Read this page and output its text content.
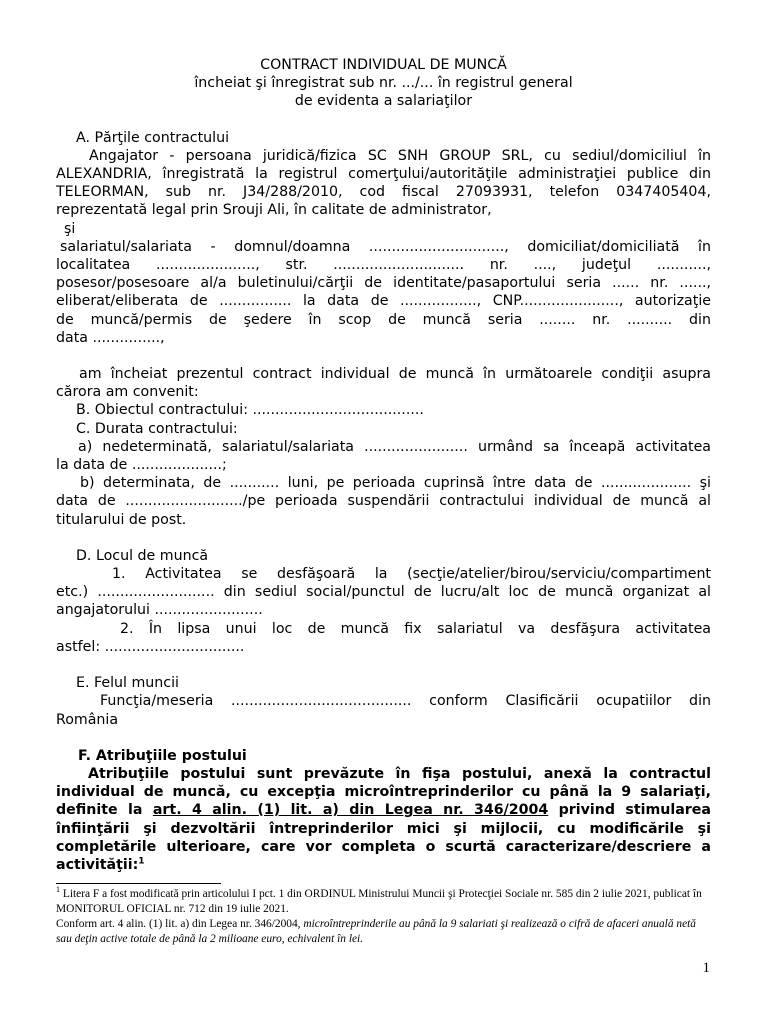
CONTRACT INDIVIDUAL DE MUNCĂ

încheiat şi înregistrat sub nr. .../... în registrul general

de evidenta a salariaţilor

A. Părţile contractului

Angajator - persoana juridică/fizica SC SNH GROUP SRL, cu sediul/domiciliul în

ALEXANDRIA, înregistrată la registrul comerţului/autorităţile administraţiei publice din

TELEORMAN, sub nr. J34/288/2010, cod fiscal 27093931, telefon 0347405404,

reprezentată legal prin Srouji Ali, în calitate de administrator,

şi

salariatul/salariata - domnul/doamna .............................., domiciliat/domiciliată în

localitatea ......................, str. ............................. nr. ...., judeţul ...........,

posesor/posesoare al/a buletinului/cărţii de identitate/pasaportului seria ...... nr. ......,

eliberat/eliberata de ................ la data de ................., CNP......................, autorizaţie

de muncă/permis de şedere în scop de muncă seria ........ nr. .......... din

data ...............,

am încheiat prezentul contract individual de muncă în următoarele condiţii asupra

cărora am convenit:

B. Obiectul contractului: ......................................

C. Durata contractului:

a) nedeterminată, salariatul/salariata ....................... urmând sa înceapă activitatea

la data de ....................;

b) determinata, de ........... luni, pe perioada cuprinsă între data de .................... şi

data de ........................../pe perioada suspendării contractului individual de muncă al

titularului de post.

D. Locul de muncă

1. Activitatea se desfăşoară la (secţie/atelier/birou/serviciu/compartiment

etc.) .......................... din sediul social/punctul de lucru/alt loc de muncă organizat al

angajatorului ........................

2. În lipsa unui loc de muncă fix salariatul va desfăşura activitatea

astfel: ...............................

E. Felul muncii

Funcţia/meseria ........................................ conform Clasificării ocupatiilor din

România

F. Atribuţiile postului

Atribuţiile postului sunt prevăzute în fişa postului, anexă la contractul

individual de muncă, cu excepţia microîntreprinderilor cu până la 9 salariaţi,

definite la art. 4 alin. (1) lit. a) din Legea nr. 346/2004 privind stimularea

înfiinţării şi dezvoltării întreprinderilor mici şi mijlocii, cu modificările şi

completările ulterioare, care vor completa o scurtă caracterizare/descriere a

activităţii:$^1$

$^1$ Litera F a fost modificată prin articolului I pct. 1 din ORDINUL Ministrului Muncii şi Protecţiei Sociale nr. 585 din 2 iulie 2021, publicat în MONITORUL OFICIAL nr. 712 din 19 iulie 2021.

Conform art. 4 alin. (1) lit. a) din Legea nr. 346/2004, microîntreprinderile au până la 9 salariati şi realizează o cifră de afaceri anuală netă sau deţin active totale de până la 2 milioane euro, echivalent în lei.

1
